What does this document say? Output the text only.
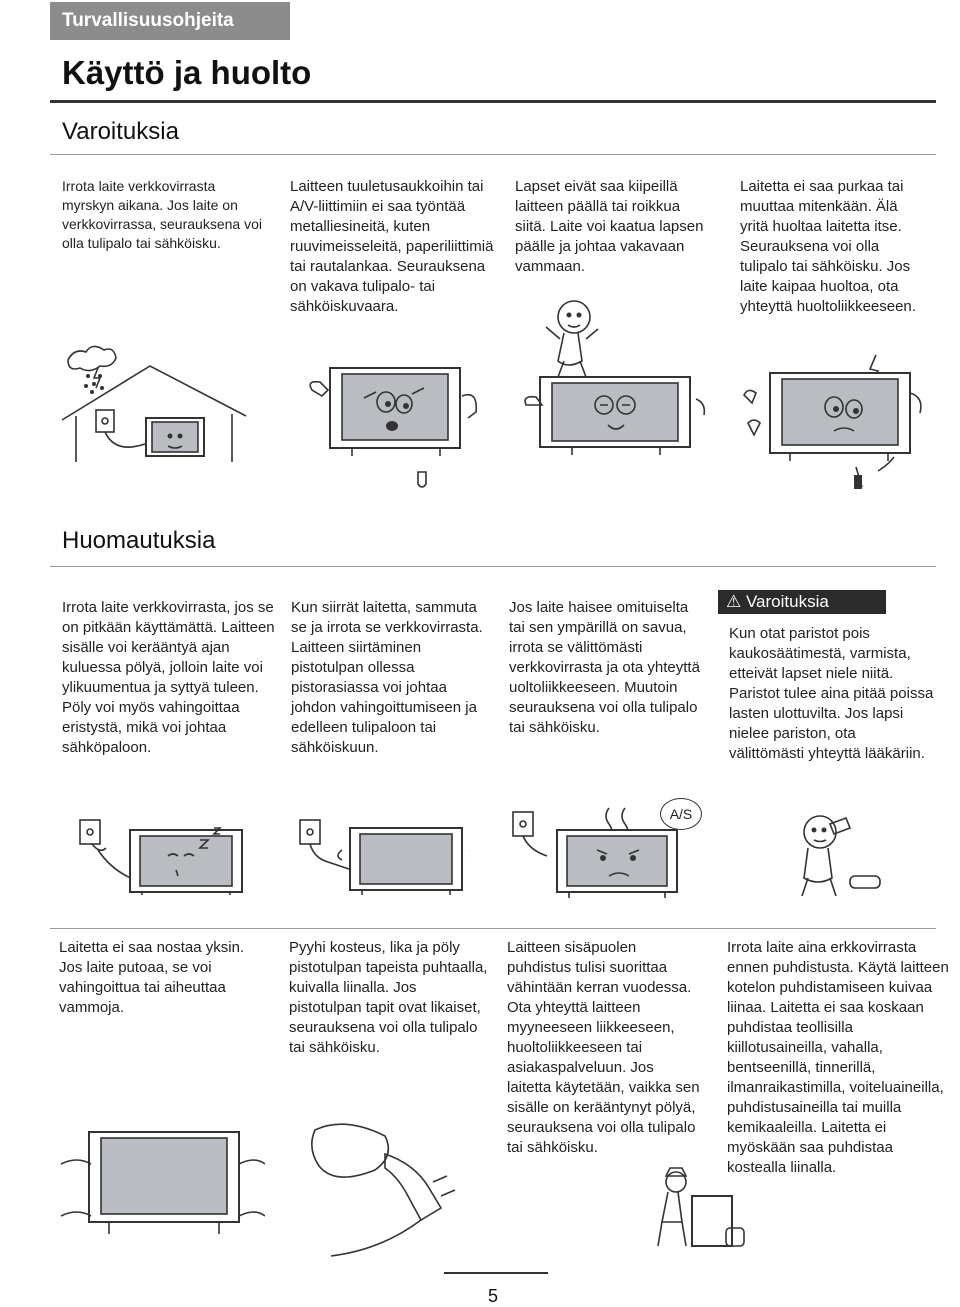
Turvallisuusohjeita
Käyttö ja huolto
Varoituksia
Irrota laite verkkovirrasta myrskyn aikana. Jos laite on verkkovirrassa, seurauksena voi olla tulipalo tai sähköisku.
Laitteen tuuletusaukkoihin tai A/V-liittimiin ei saa työntää metalliesineitä, kuten ruuvimeisseleitä, paperiliittimiä tai rautalankaa. Seurauksena on vakava tulipalo- tai sähköiskuvaara.
Lapset eivät saa kiipeillä laitteen päällä tai roikkua siitä. Laite voi kaatua lapsen päälle ja johtaa vakavaan vammaan.
Laitetta ei saa purkaa tai muuttaa mitenkään. Älä yritä huoltaa laitetta itse. Seurauksena voi olla tulipalo tai sähköisku. Jos laite kaipaa huoltoa, ota yhteyttä huoltoliikkeeseen.
Huomautuksia
Irrota laite verkkovirrasta, jos se on pitkään käyttämättä. Laitteen sisälle voi kerääntyä ajan kuluessa pölyä, jolloin laite voi ylikuumentua ja syttyä tuleen. Pöly voi myös vahingoittaa eristystä, mikä voi johtaa sähköpaloon.
Kun siirrät laitetta, sammuta se ja irrota se verkkovirrasta. Laitteen siirtäminen pistotulpan ollessa pistorasiassa voi johtaa johdon vahingoittumiseen ja edelleen tulipaloon tai sähköiskuun.
Jos laite haisee omituiselta tai sen ympärillä on savua, irrota se välittömästi verkkovirrasta ja ota yhteyttä uoltoliikkeeseen. Muutoin seurauksena voi olla tulipalo tai sähköisku.
⚠ Varoituksia
Kun otat paristot pois kaukosäätimestä, varmista, etteivät lapset niele niitä. Paristot tulee aina pitää poissa lasten ulottuvilta. Jos lapsi nielee pariston, ota välittömästi yhteyttä lääkäriin.
A/S
Laitetta ei saa nostaa yksin. Jos laite putoaa, se voi vahingoittua tai aiheuttaa vammoja.
Pyyhi kosteus, lika ja pöly pistotulpan tapeista puhtaalla, kuivalla liinalla. Jos pistotulpan tapit ovat likaiset, seurauksena voi olla tulipalo tai sähköisku.
Laitteen sisäpuolen puhdistus tulisi suorittaa vähintään kerran vuodessa. Ota yhteyttä laitteen myyneeseen liikkeeseen, huoltoliikkeeseen tai asiakaspalveluun. Jos laitetta käytetään, vaikka sen sisälle on kerääntynyt pölyä, seurauksena voi olla tulipalo tai sähköisku.
Irrota laite aina erkkovirrasta ennen puhdistusta. Käytä laitteen kotelon puhdistamiseen kuivaa liinaa. Laitetta ei saa koskaan puhdistaa teollisilla kiillotusaineilla, vahalla, bentseenillä, tinnerillä, ilmanraikastimilla, voiteluaineilla, puhdistusaineilla tai muilla kemikaaleilla. Laitetta ei myöskään saa puhdistaa kostealla liinalla.
5
